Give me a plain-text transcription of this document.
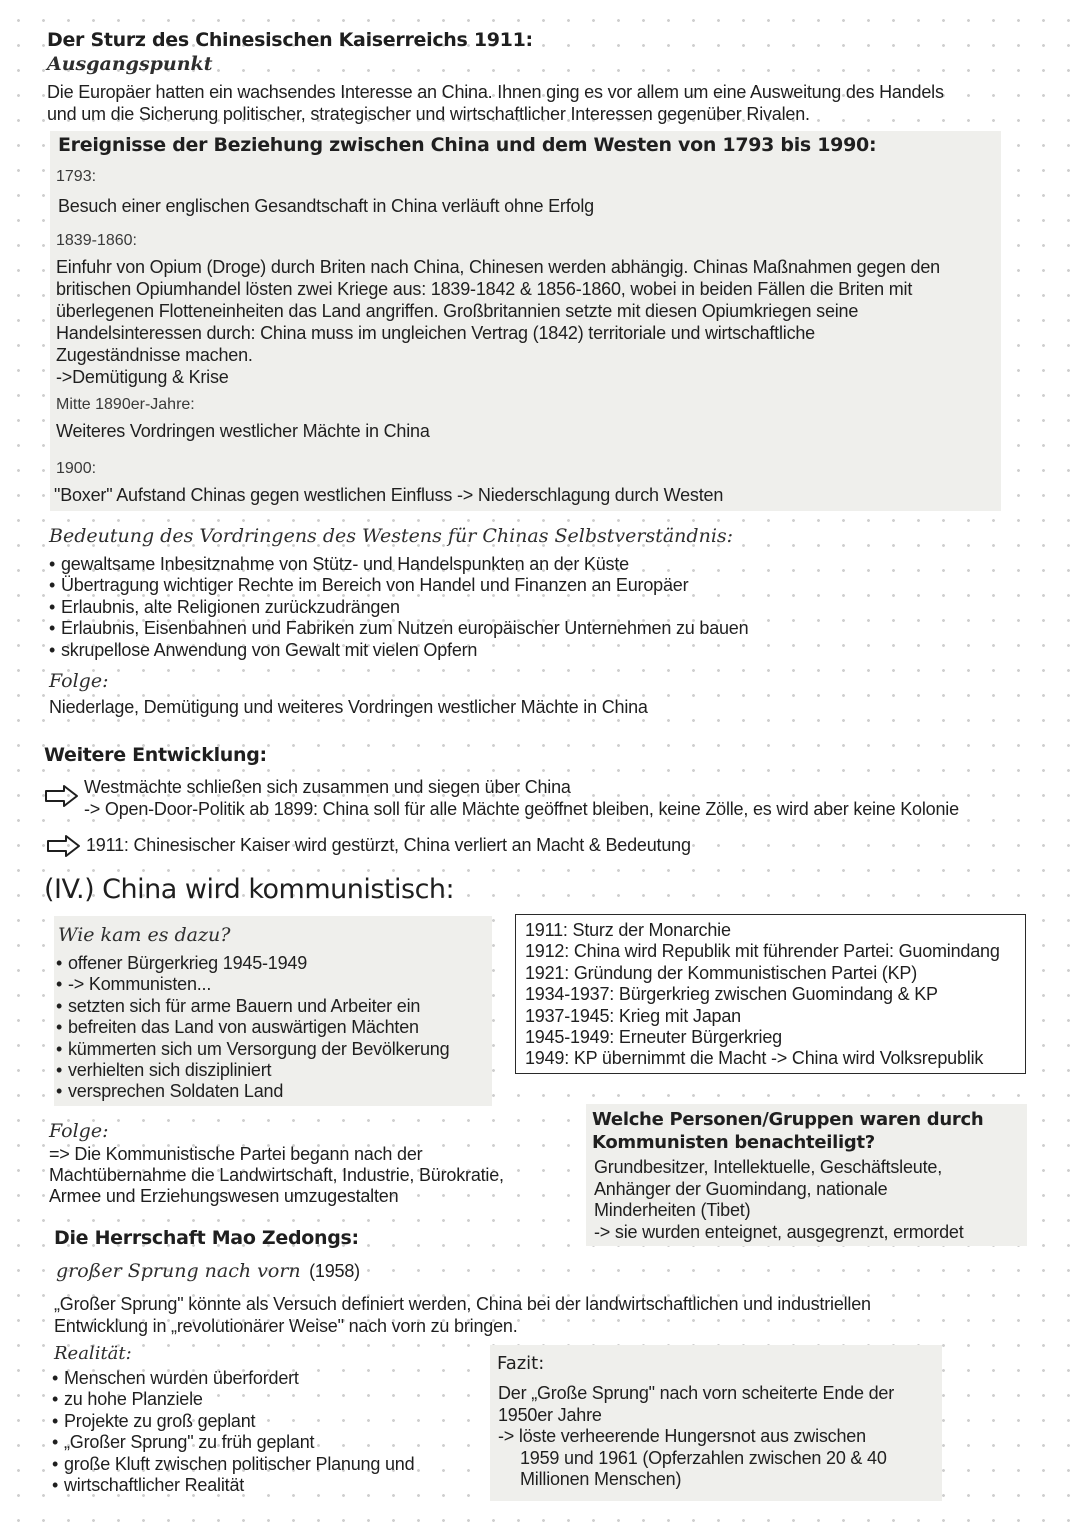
Der Sturz des Chinesischen Kaiserreichs 1911:
Ausgangspunkt
Die Europäer hatten ein wachsendes Interesse an China. Ihnen ging es vor allem um eine Ausweitung des Handels
und um die Sicherung politischer, strategischer und wirtschaftlicher Interessen gegenüber Rivalen.
Ereignisse der Beziehung zwischen China und dem Westen von 1793 bis 1990:
1793:
Besuch einer englischen Gesandtschaft in China verläuft ohne Erfolg
1839-1860:
Einfuhr von Opium (Droge) durch Briten nach China, Chinesen werden abhängig. Chinas Maßnahmen gegen den
britischen Opiumhandel lösten zwei Kriege aus: 1839-1842 & 1856-1860, wobei in beiden Fällen die Briten mit
überlegenen Flotteneinheiten das Land angriffen. Großbritannien setzte mit diesen Opiumkriegen seine
Handelsinteressen durch: China muss im ungleichen Vertrag (1842) territoriale und wirtschaftliche
Zugeständnisse machen.
->Demütigung & Krise
Mitte 1890er-Jahre:
Weiteres Vordringen westlicher Mächte in China
1900:
"Boxer" Aufstand Chinas gegen westlichen Einfluss -> Niederschlagung durch Westen
Bedeutung des Vordringens des Westens für Chinas Selbstverständnis:
• gewaltsame Inbesitznahme von Stütz- und Handelspunkten an der Küste
• Übertragung wichtiger Rechte im Bereich von Handel und Finanzen an Europäer
• Erlaubnis, alte Religionen zurückzudrängen
• Erlaubnis, Eisenbahnen und Fabriken zum Nutzen europäischer Unternehmen zu bauen
• skrupellose Anwendung von Gewalt mit vielen Opfern
Folge:
Niederlage, Demütigung und weiteres Vordringen westlicher Mächte in China
Weitere Entwicklung:
Westmächte schließen sich zusammen und siegen über China
-> Open-Door-Politik ab 1899: China soll für alle Mächte geöffnet bleiben, keine Zölle, es wird aber keine Kolonie
1911: Chinesischer Kaiser wird gestürzt, China verliert an Macht & Bedeutung
(IV.) China wird kommunistisch:
Wie kam es dazu?
• offener Bürgerkrieg 1945-1949
• -> Kommunisten...
• setzten sich für arme Bauern und Arbeiter ein
• befreiten das Land von auswärtigen Mächten
• kümmerten sich um Versorgung der Bevölkerung
• verhielten sich diszipliniert
• versprechen Soldaten Land
1911: Sturz der Monarchie
1912: China wird Republik mit führender Partei: Guomindang
1921: Gründung der Kommunistischen Partei (KP)
1934-1937: Bürgerkrieg zwischen Guomindang & KP
1937-1945: Krieg mit Japan
1945-1949: Erneuter Bürgerkrieg
1949: KP übernimmt die Macht -> China wird Volksrepublik
Folge:
=> Die Kommunistische Partei begann nach der
Machtübernahme die Landwirtschaft, Industrie, Bürokratie,
Armee und Erziehungswesen umzugestalten
Welche Personen/Gruppen waren durch
Kommunisten benachteiligt?
Grundbesitzer, Intellektuelle, Geschäftsleute,
Anhänger der Guomindang, nationale
Minderheiten (Tibet)
-> sie wurden enteignet, ausgegrenzt, ermordet
Die Herrschaft Mao Zedongs:
großer Sprung nach vorn (1958)
„Großer Sprung" könnte als Versuch definiert werden, China bei der landwirtschaftlichen und industriellen
Entwicklung in „revolutionärer Weise" nach vorn zu bringen.
Realität:
• Menschen wurden überfordert
• zu hohe Planziele
• Projekte zu groß geplant
• „Großer Sprung" zu früh geplant
• große Kluft zwischen politischer Planung und
• wirtschaftlicher Realität
Fazit:
Der „Große Sprung" nach vorn scheiterte Ende der
1950er Jahre
-> löste verheerende Hungersnot aus zwischen
1959 und 1961 (Opferzahlen zwischen 20 & 40
Millionen Menschen)
